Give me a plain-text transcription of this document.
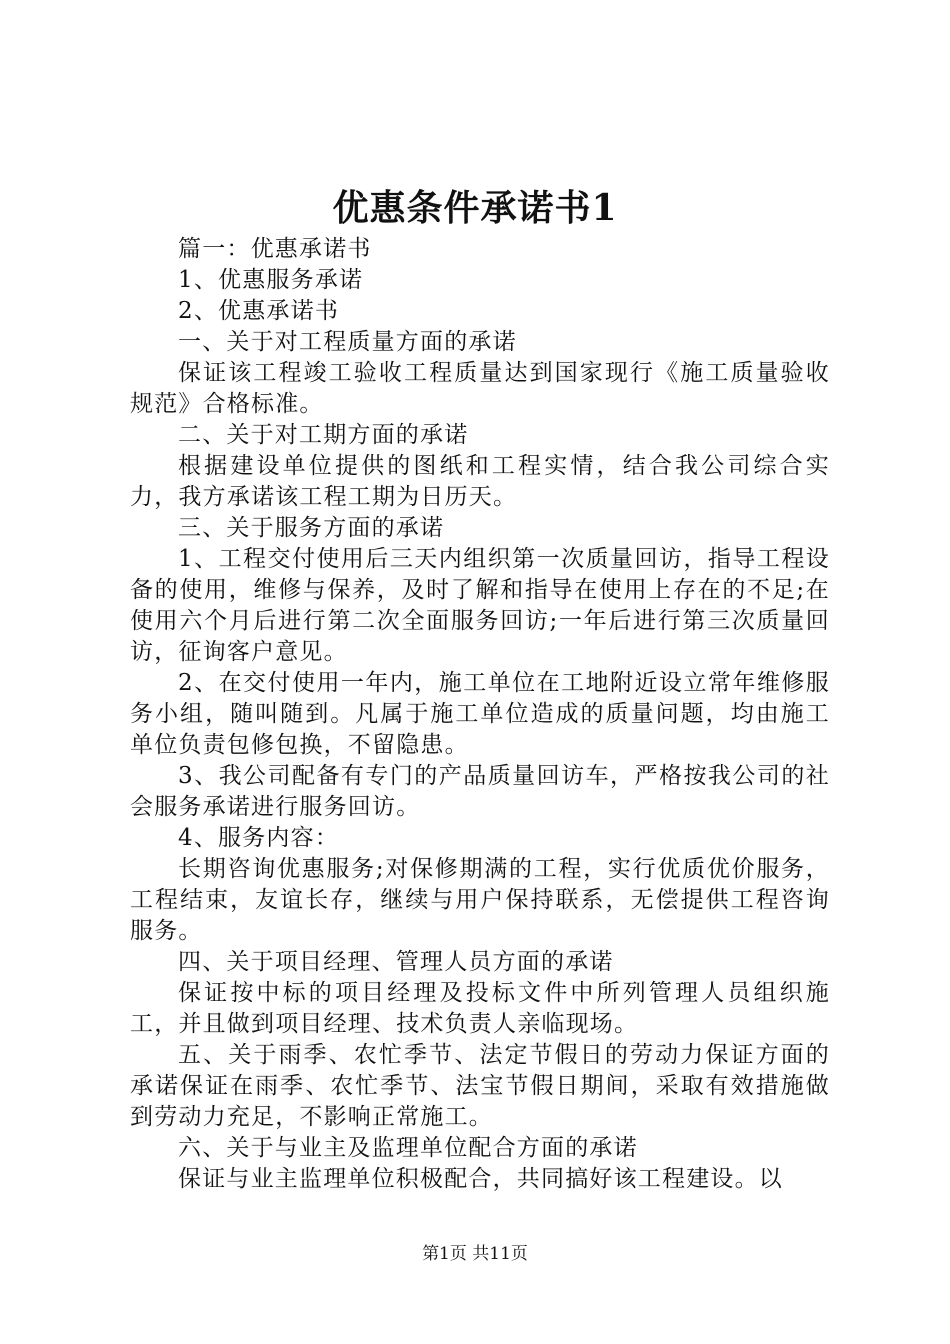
优惠条件承诺书1

篇一：优惠承诺书

1、优惠服务承诺

2、优惠承诺书

一、关于对工程质量方面的承诺

保证该工程竣工验收工程质量达到国家现行《施工质量验收规范》合格标准。

二、关于对工期方面的承诺

根据建设单位提供的图纸和工程实情，结合我公司综合实力，我方承诺该工程工期为日历天。

三、关于服务方面的承诺

1、工程交付使用后三天内组织第一次质量回访，指导工程设备的使用，维修与保养，及时了解和指导在使用上存在的不足;在使用六个月后进行第二次全面服务回访;一年后进行第三次质量回访，征询客户意见。

2、在交付使用一年内，施工单位在工地附近设立常年维修服务小组，随叫随到。凡属于施工单位造成的质量问题，均由施工单位负责包修包换，不留隐患。

3、我公司配备有专门的产品质量回访车，严格按我公司的社会服务承诺进行服务回访。

4、服务内容：

长期咨询优惠服务;对保修期满的工程，实行优质优价服务，工程结束，友谊长存，继续与用户保持联系，无偿提供工程咨询服务。

四、关于项目经理、管理人员方面的承诺

保证按中标的项目经理及投标文件中所列管理人员组织施工，并且做到项目经理、技术负责人亲临现场。

五、关于雨季、农忙季节、法定节假日的劳动力保证方面的承诺保证在雨季、农忙季节、法宝节假日期间，采取有效措施做到劳动力充足，不影响正常施工。

六、关于与业主及监理单位配合方面的承诺

保证与业主监理单位积极配合，共同搞好该工程建设。以

第1页 共11页
